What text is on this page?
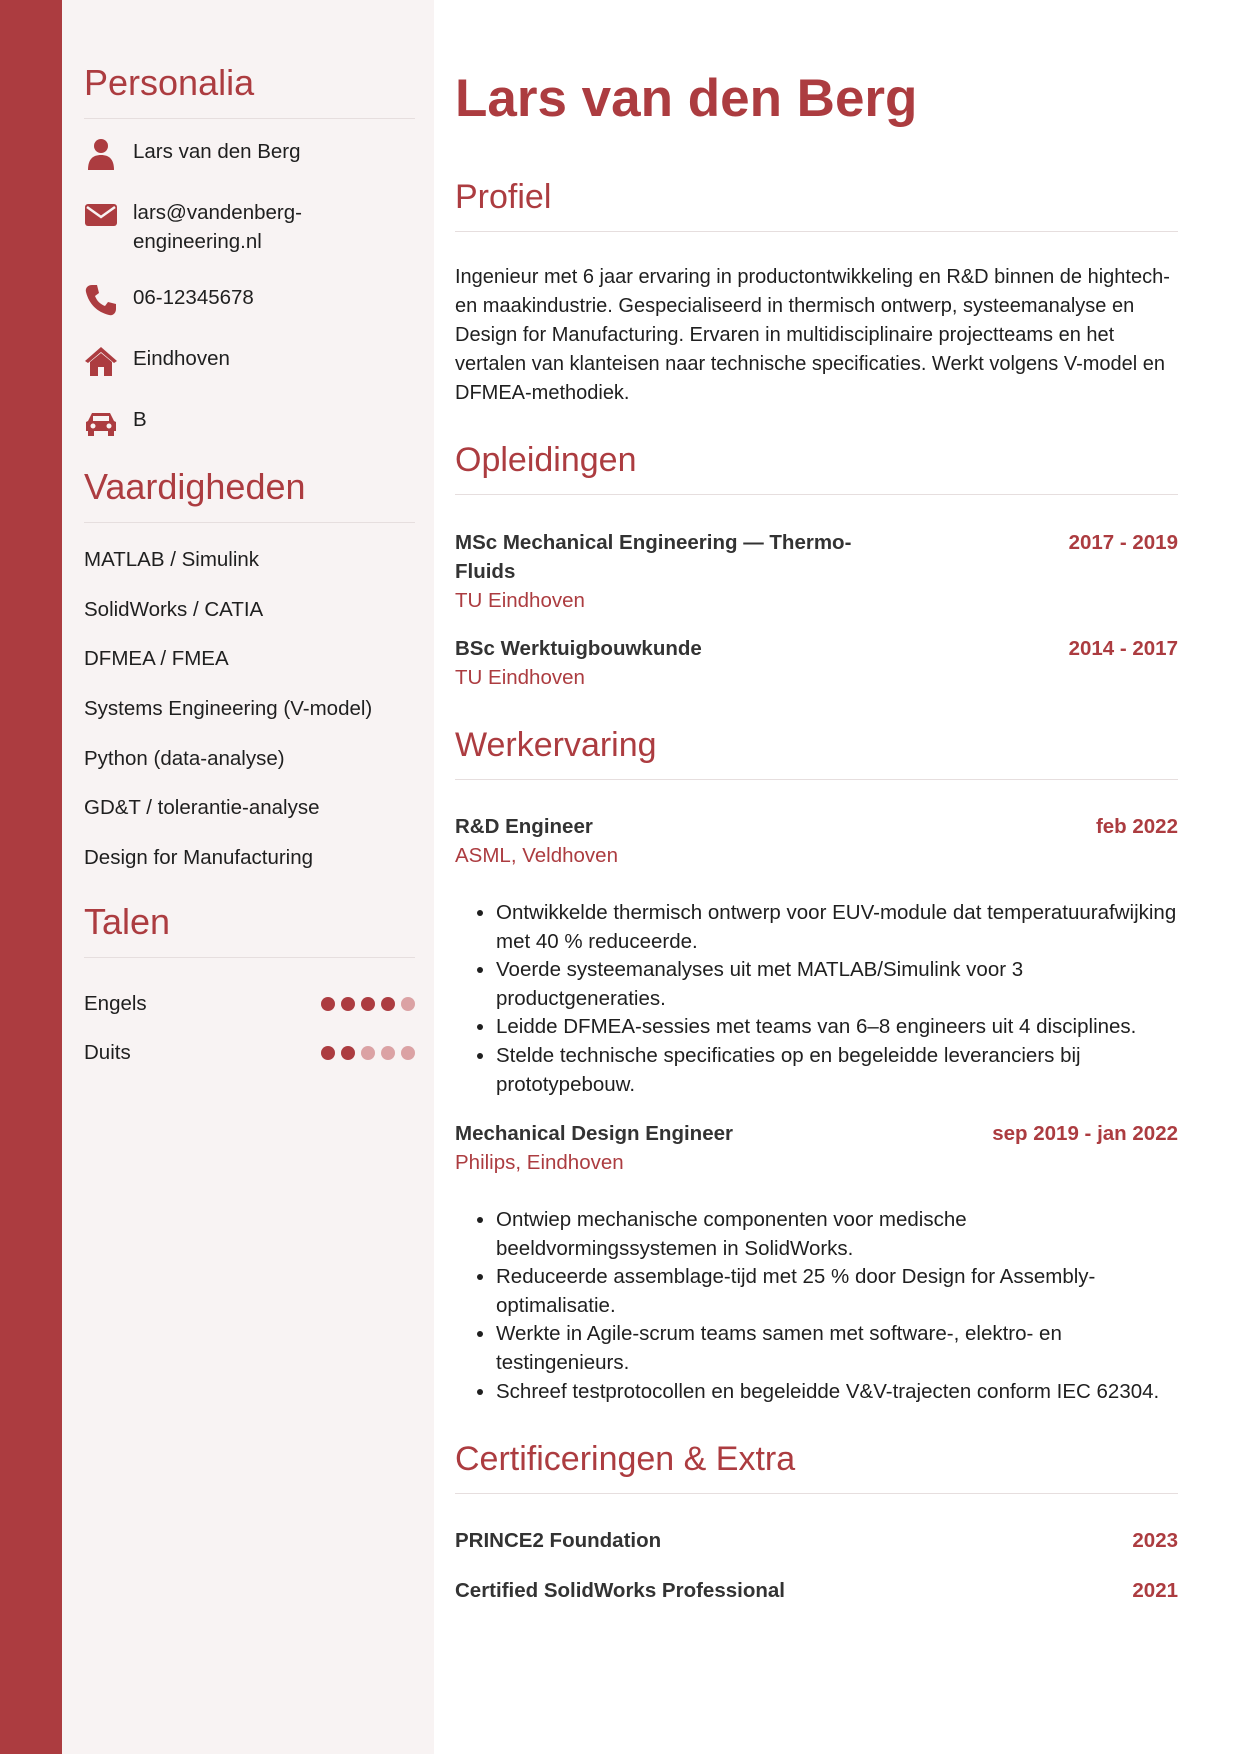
Personalia
Lars van den Berg
lars@vandenberg-engineering.nl
06-12345678
Eindhoven
B
Vaardigheden
MATLAB / Simulink
SolidWorks / CATIA
DFMEA / FMEA
Systems Engineering (V-model)
Python (data-analyse)
GD&T / tolerantie-analyse
Design for Manufacturing
Talen
Engels
Duits
Lars van den Berg
Profiel

Ingenieur met 6 jaar ervaring in productontwikkeling en R&D binnen de hightech- en maakindustrie. Gespecialiseerd in thermisch ontwerp, systeemanalyse en Design for Manufacturing. Ervaren in multidisciplinaire projectteams en het vertalen van klanteisen naar technische specificaties. Werkt volgens V-model en DFMEA-methodiek.

Opleidingen
MSc Mechanical Engineering — Thermo-Fluids
2017 - 2019
TU Eindhoven
BSc Werktuigbouwkunde	2014 - 2017
TU Eindhoven
Werkervaring
R&D Engineer	feb 2022
ASML, Veldhoven
• Ontwikkelde thermisch ontwerp voor EUV-module dat temperatuurafwijking met 40 % reduceerde.
• Voerde systeemanalyses uit met MATLAB/Simulink voor 3 productgeneraties.
• Leidde DFMEA-sessies met teams van 6–8 engineers uit 4 disciplines.
• Stelde technische specificaties op en begeleidde leveranciers bij prototypebouw.
Mechanical Design Engineer	sep 2019 - jan 2022
Philips, Eindhoven
• Ontwiep mechanische componenten voor medische beeldvormingssystemen in SolidWorks.
• Reduceerde assemblage-tijd met 25 % door Design for Assembly-optimalisatie.
• Werkte in Agile-scrum teams samen met software-, elektro- en testingenieurs.
• Schreef testprotocollen en begeleidde V&V-trajecten conform IEC 62304.
Certificeringen & Extra
PRINCE2 Foundation	2023
Certified SolidWorks Professional	2021
